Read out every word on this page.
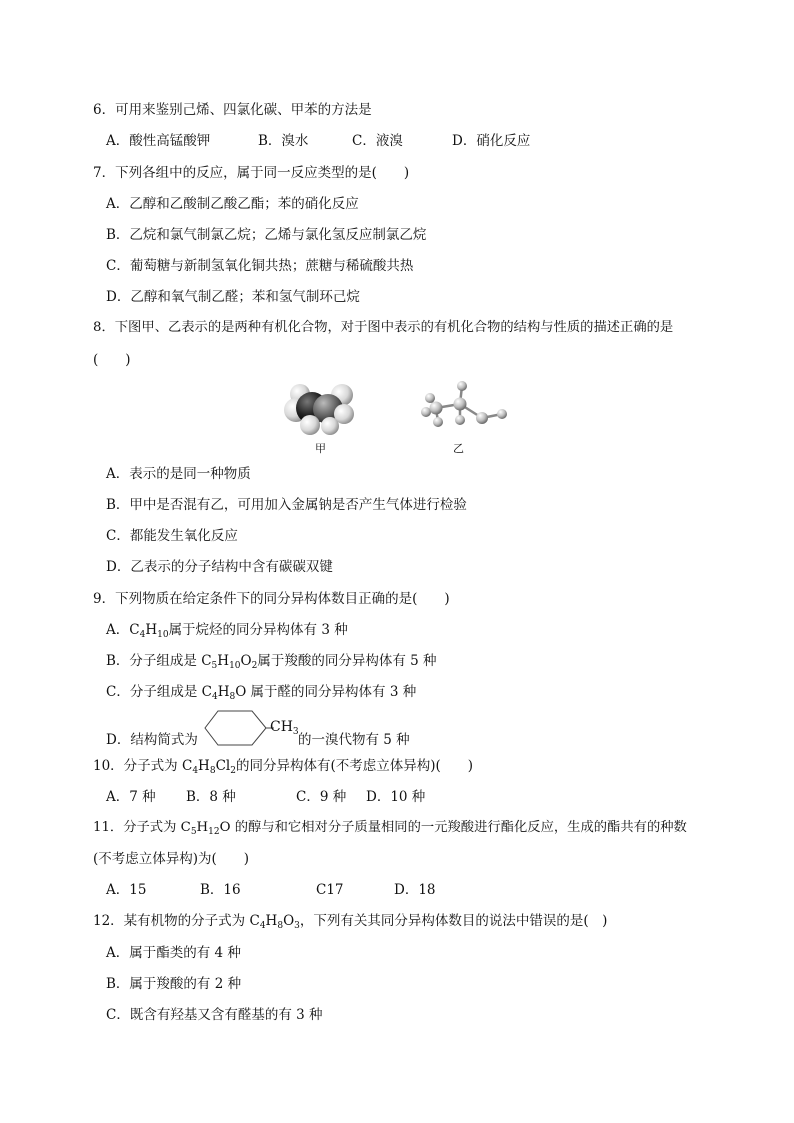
6．可用来鉴别己烯、四氯化碳、甲苯的方法是
A．酸性高锰酸钾	B．溴水	C．液溴	D．硝化反应
7．下列各组中的反应，属于同一反应类型的是(　　)
A．乙醇和乙酸制乙酸乙酯；苯的硝化反应
B．乙烷和氯气制氯乙烷；乙烯与氯化氢反应制氯乙烷
C．葡萄糖与新制氢氧化铜共热；蔗糖与稀硫酸共热
D．乙醇和氧气制乙醛；苯和氢气制环己烷
8．下图甲、乙表示的是两种有机化合物，对于图中表示的有机化合物的结构与性质的描述正确的是
(　　)
甲	乙
A．表示的是同一种物质
B．甲中是否混有乙，可用加入金属钠是否产生气体进行检验
C．都能发生氧化反应
D．乙表示的分子结构中含有碳碳双键
9．下列物质在给定条件下的同分异构体数目正确的是(　　)
A．$C_4H_{10}$属于烷烃的同分异构体有 3 种
B．分子组成是 $C_5H_{10}O_2$属于羧酸的同分异构体有 5 种
C．分子组成是 $C_4H_8O$ 属于醛的同分异构体有 3 种
D．结构简式为
$CH_3$ 的一溴代物有 5 种
10．分子式为 $C_4H_8Cl_2$的同分异构体有(不考虑立体异构)(　　)
A．7 种 B．8 种	C．9 种 D．10 种
11．分子式为 $C_5H_{12}O$ 的醇与和它相对分子质量相同的一元羧酸进行酯化反应，生成的酯共有的种数
(不考虑立体异构)为(　　)
A．15	B．16	C17	D．18
12．某有机物的分子式为 $C_4H_8O_3$，下列有关其同分异构体数目的说法中错误的是(　)
A．属于酯类的有 4 种
B．属于羧酸的有 2 种
C．既含有羟基又含有醛基的有 3 种
